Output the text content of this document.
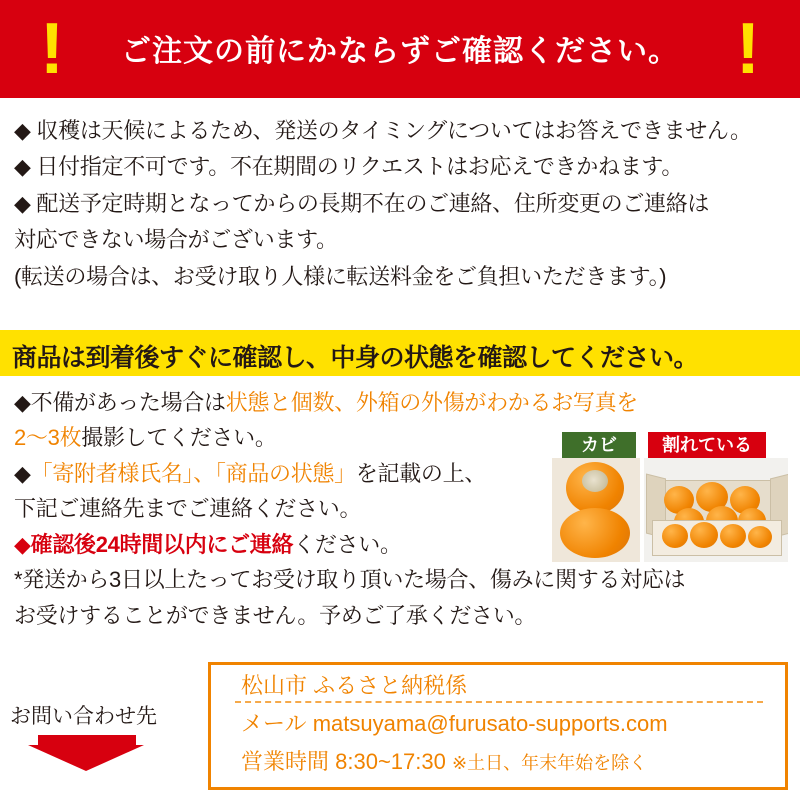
!	!
ご注文の前にかならずご確認ください。

◆ 収穫は天候によるため、発送のタイミングについてはお答えできません。

◆ 日付指定不可です。不在期間のリクエストはお応えできかねます。

◆ 配送予定時期となってからの長期不在のご連絡、住所変更のご連絡は

対応できない場合がございます。

(転送の場合は、お受け取り人様に転送料金をご負担いただきます。)

商品は到着後すぐに確認し、中身の状態を確認してください。

◆不備があった場合は状態と個数、外箱の外傷がわかるお写真を

2～3枚撮影してください。

◆「寄附者様氏名」、「商品の状態」を記載の上、

下記ご連絡先までご連絡ください。

◆確認後24時間以内にご連絡ください。

*発送から3日以上たってお受け取り頂いた場合、傷みに関する対応は

お受けすることができません。予めご了承ください。

カビ	割れている
お問い合わせ先
松山市 ふるさと納税係
メール matsuyama@furusato-supports.com
営業時間 8:30~17:30 ※土日、年末年始を除く
